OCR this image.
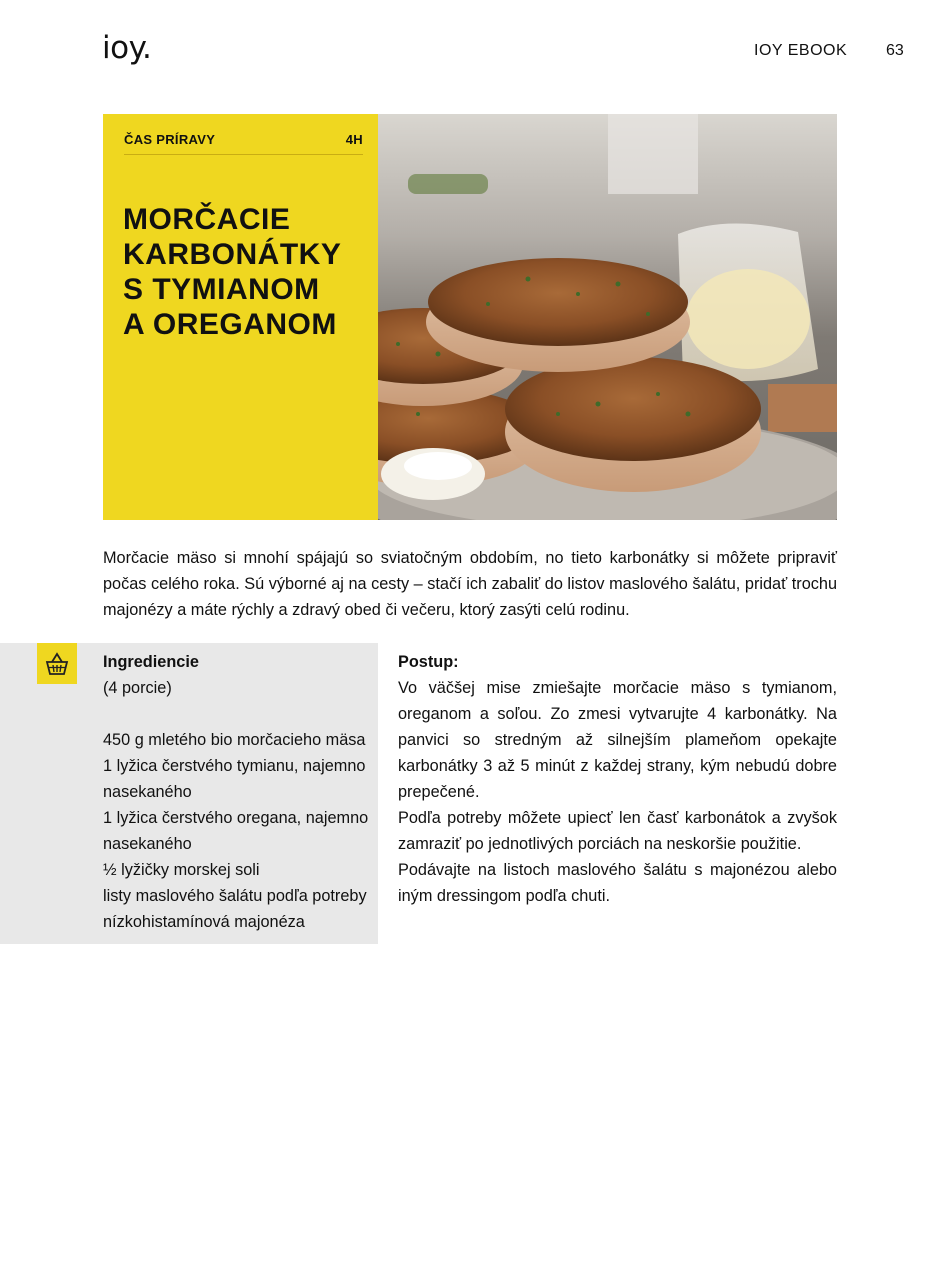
ioy.	IOY EBOOK 63
ČAS PRÍRAVY	4H
MORČACIE
KARBONÁTKY
S TYMIANOM
A OREGANOM
Morčacie mäso si mnohí spájajú so sviatočným obdobím, no tieto karbonátky si môžete pripraviť počas celého roka. Sú výborné aj na cesty – stačí ich zabaliť do listov maslového šalátu, pridať trochu majonézy a máte rýchly a zdravý obed či večeru, ktorý zasýti celú rodinu.
Ingrediencie
(4 porcie)
450 g mletého bio morčacieho mäsa
1 lyžica čerstvého tymianu, najemno nasekaného
1 lyžica čerstvého oregana, najemno nasekaného
½ lyžičky morskej soli
listy maslového šalátu podľa potreby
nízkohistamínová majonéza
Postup:

Vo väčšej mise zmiešajte morčacie mäso s tymianom, oreganom a soľou. Zo zmesi vytvarujte 4 karbonátky. Na panvici so stredným až silnejším plameňom opekajte karbonátky 3 až 5 minút z každej strany, kým nebudú dobre prepečené.

Podľa potreby môžete upiecť len časť karbonátok a zvyšok zamraziť po jednotlivých porciách na neskoršie použitie.

Podávajte na listoch maslového šalátu s majonézou alebo iným dressingom podľa chuti.
